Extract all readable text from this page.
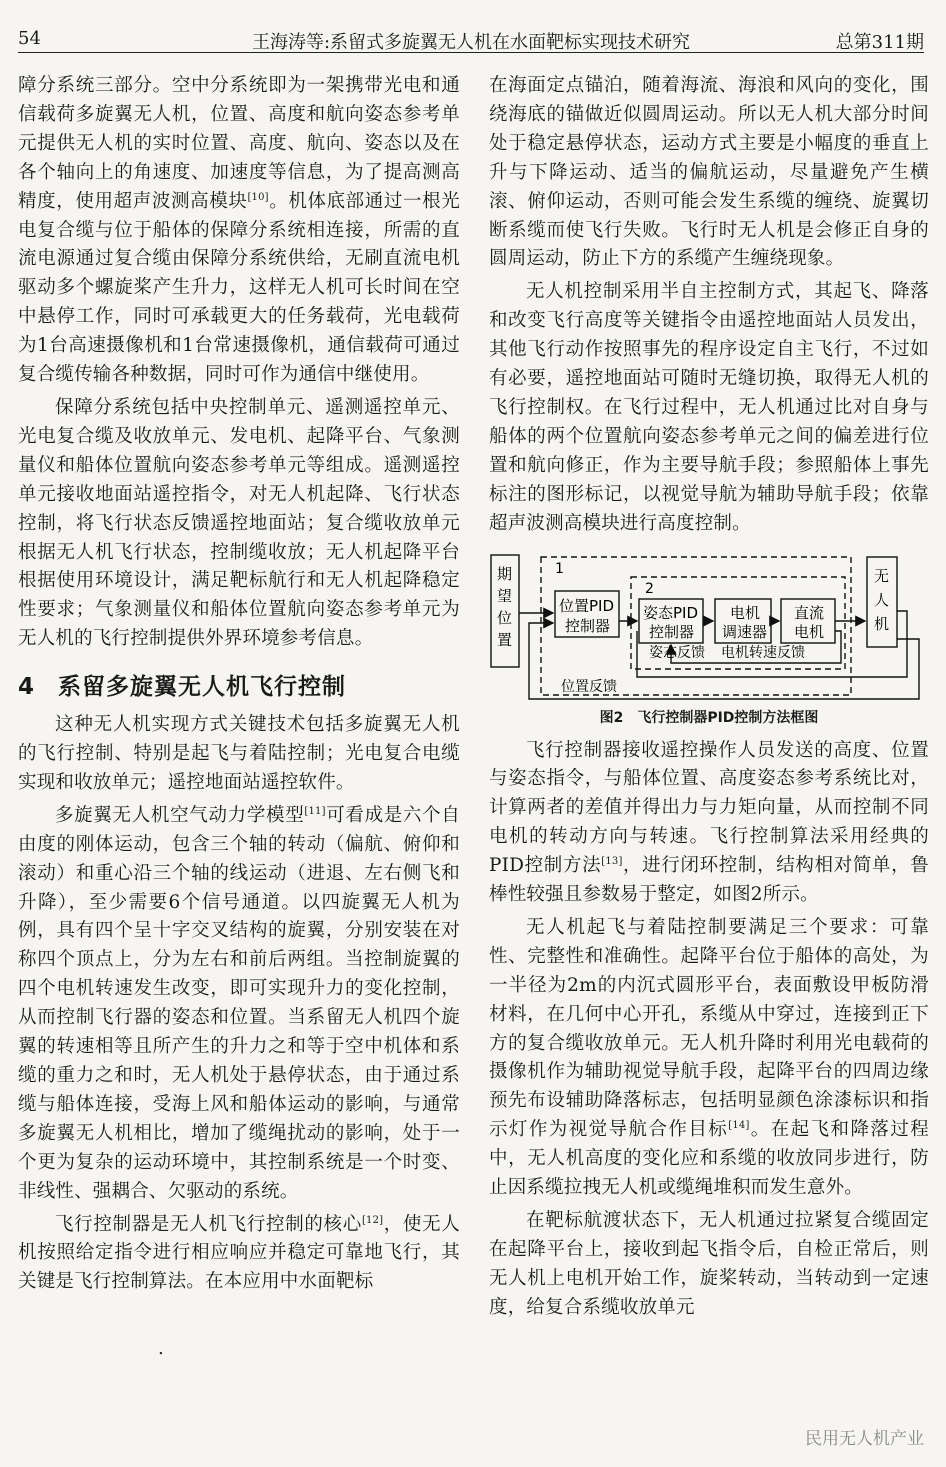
54	王海涛等:系留式多旋翼无人机在水面靶标实现技术研究	总第311期

障分系统三部分。空中分系统即为一架携带光电和通信载荷多旋翼无人机，位置、高度和航向姿态参考单元提供无人机的实时位置、高度、航向、姿态以及在各个轴向上的角速度、加速度等信息，为了提高测高精度，使用超声波测高模块[10]。机体底部通过一根光电复合缆与位于船体的保障分系统相连接，所需的直流电源通过复合缆由保障分系统供给，无刷直流电机驱动多个螺旋桨产生升力，这样无人机可长时间在空中悬停工作，同时可承载更大的任务载荷，光电载荷为1台高速摄像机和1台常速摄像机，通信载荷可通过复合缆传输各种数据，同时可作为通信中继使用。

保障分系统包括中央控制单元、遥测遥控单元、光电复合缆及收放单元、发电机、起降平台、气象测量仪和船体位置航向姿态参考单元等组成。遥测遥控单元接收地面站遥控指令，对无人机起降、飞行状态控制，将飞行状态反馈遥控地面站；复合缆收放单元根据无人机飞行状态，控制缆收放；无人机起降平台根据使用环境设计，满足靶标航行和无人机起降稳定性要求；气象测量仪和船体位置航向姿态参考单元为无人机的飞行控制提供外界环境参考信息。

4 系留多旋翼无人机飞行控制

这种无人机实现方式关键技术包括多旋翼无人机的飞行控制、特别是起飞与着陆控制；光电复合电缆实现和收放单元；遥控地面站遥控软件。

多旋翼无人机空气动力学模型[11]可看成是六个自由度的刚体运动，包含三个轴的转动（偏航、俯仰和滚动）和重心沿三个轴的线运动（进退、左右侧飞和升降），至少需要6个信号通道。以四旋翼无人机为例，具有四个呈十字交叉结构的旋翼，分别安装在对称四个顶点上，分为左右和前后两组。当控制旋翼的四个电机转速发生改变，即可实现升力的变化控制，从而控制飞行器的姿态和位置。当系留无人机四个旋翼的转速相等且所产生的升力之和等于空中机体和系缆的重力之和时，无人机处于悬停状态，由于通过系缆与船体连接，受海上风和船体运动的影响，与通常多旋翼无人机相比，增加了缆绳扰动的影响，处于一个更为复杂的运动环境中，其控制系统是一个时变、非线性、强耦合、欠驱动的系统。

飞行控制器是无人机飞行控制的核心[12]，使无人机按照给定指令进行相应响应并稳定可靠地飞行，其关键是飞行控制算法。在本应用中水面靶标

.

在海面定点锚泊，随着海流、海浪和风向的变化，围绕海底的锚做近似圆周运动。所以无人机大部分时间处于稳定悬停状态，运动方式主要是小幅度的垂直上升与下降运动、适当的偏航运动，尽量避免产生横滚、俯仰运动，否则可能会发生系缆的缠绕、旋翼切断系缆而使飞行失败。飞行时无人机是会修正自身的圆周运动，防止下方的系缆产生缠绕现象。

无人机控制采用半自主控制方式，其起飞、降落和改变飞行高度等关键指令由遥控地面站人员发出，其他飞行动作按照事先的程序设定自主飞行，不过如有必要，遥控地面站可随时无缝切换，取得无人机的飞行控制权。在飞行过程中，无人机通过比对自身与船体的两个位置航向姿态参考单元之间的偏差进行位置和航向修正，作为主要导航手段；参照船体上事先标注的图形标记，以视觉导航为辅助导航手段；依靠超声波测高模块进行高度控制。

1
2
期望位置
位置PID 控制器
姿态PID 控制器
电机调速器
直流电机
无人机
姿态反馈 电机转速反馈
位置反馈
图2　飞行控制器PID控制方法框图

飞行控制器接收遥控操作人员发送的高度、位置与姿态指令，与船体位置、高度姿态参考系统比对，计算两者的差值并得出力与力矩向量，从而控制不同电机的转动方向与转速。飞行控制算法采用经典的PID控制方法[13]，进行闭环控制，结构相对简单，鲁棒性较强且参数易于整定，如图2所示。

无人机起飞与着陆控制要满足三个要求：可靠性、完整性和准确性。起降平台位于船体的高处，为一半径为2m的内沉式圆形平台，表面敷设甲板防滑材料，在几何中心开孔，系缆从中穿过，连接到正下方的复合缆收放单元。无人机升降时利用光电载荷的摄像机作为辅助视觉导航手段，起降平台的四周边缘预先布设辅助降落标志，包括明显颜色涂漆标识和指示灯作为视觉导航合作目标[14]。在起飞和降落过程中，无人机高度的变化应和系缆的收放同步进行，防止因系缆拉拽无人机或缆绳堆积而发生意外。

在靶标航渡状态下，无人机通过拉紧复合缆固定在起降平台上，接收到起飞指令后，自检正常后，则无人机上电机开始工作，旋桨转动，当转动到一定速度，给复合系缆收放单元

民用无人机产业
